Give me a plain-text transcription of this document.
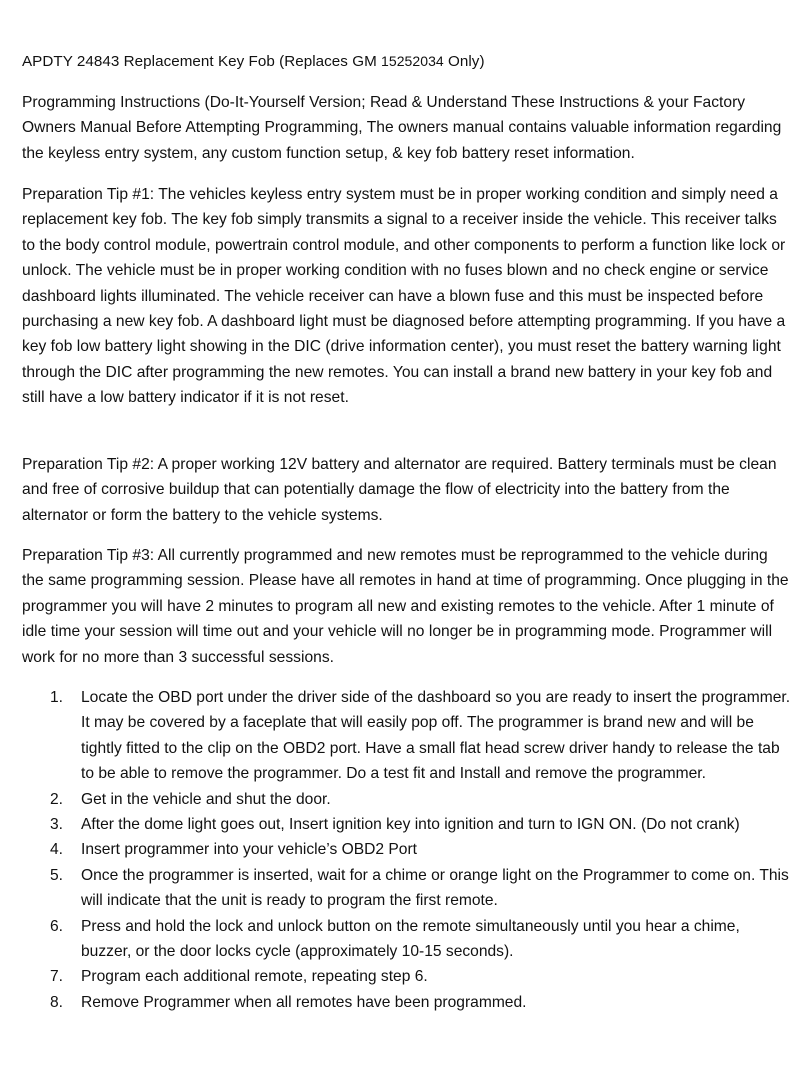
APDTY 24843 Replacement Key Fob (Replaces GM 15252034 Only)

Programming Instructions (Do-It-Yourself Version; Read & Understand These Instructions & your Factory Owners Manual Before Attempting Programming, The owners manual contains valuable information regarding the keyless entry system, any custom function setup, & key fob battery reset information.

Preparation Tip #1: The vehicles keyless entry system must be in proper working condition and simply need a replacement key fob. The key fob simply transmits a signal to a receiver inside the vehicle. This receiver talks to the body control module, powertrain control module, and other components to perform a function like lock or unlock. The vehicle must be in proper working condition with no fuses blown and no check engine or service dashboard lights illuminated. The vehicle receiver can have a blown fuse and this must be inspected before purchasing a new key fob. A dashboard light must be diagnosed before attempting programming. If you have a key fob low battery light showing in the DIC (drive information center), you must reset the battery warning light through the DIC after programming the new remotes. You can install a brand new battery in your key fob and still have a low battery indicator if it is not reset.

Preparation Tip #2: A proper working 12V battery and alternator are required. Battery terminals must be clean and free of corrosive buildup that can potentially damage the flow of electricity into the battery from the alternator or form the battery to the vehicle systems.

Preparation Tip #3: All currently programmed and new remotes must be reprogrammed to the vehicle during the same programming session. Please have all remotes in hand at time of programming. Once plugging in the programmer you will have 2 minutes to program all new and existing remotes to the vehicle. After 1 minute of idle time your session will time out and your vehicle will no longer be in programming mode. Programmer will work for no more than 3 successful sessions.

1. Locate the OBD port under the driver side of the dashboard so you are ready to insert the programmer. It may be covered by a faceplate that will easily pop off. The programmer is brand new and will be tightly fitted to the clip on the OBD2 port. Have a small flat head screw driver handy to release the tab to be able to remove the programmer. Do a test fit and Install and remove the programmer.
2. Get in the vehicle and shut the door.
3. After the dome light goes out, Insert ignition key into ignition and turn to IGN ON. (Do not crank)
4. Insert programmer into your vehicle’s OBD2 Port
5. Once the programmer is inserted, wait for a chime or orange light on the Programmer to come on. This will indicate that the unit is ready to program the first remote.
6. Press and hold the lock and unlock button on the remote simultaneously until you hear a chime, buzzer, or the door locks cycle (approximately 10-15 seconds).
7. Program each additional remote, repeating step 6.
8. Remove Programmer when all remotes have been programmed.
